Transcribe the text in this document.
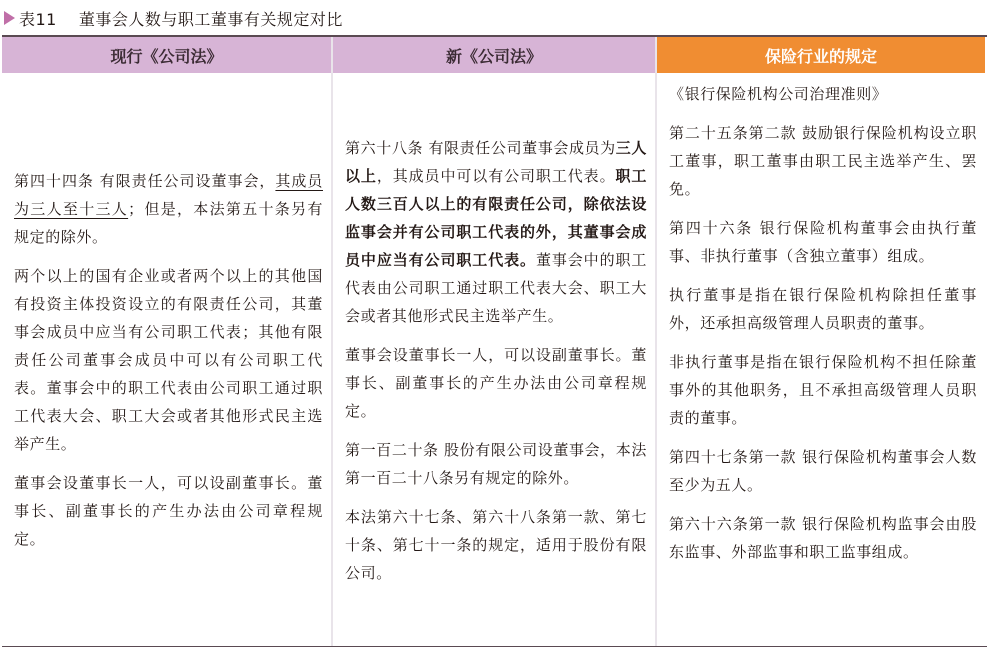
表11 董事会人数与职工董事有关规定对比
现行《公司法》

第四十四条 有限责任公司设董事会，其成员为三人至十三人；但是，本法第五十条另有规定的除外。

两个以上的国有企业或者两个以上的其他国有投资主体投资设立的有限责任公司，其董事会成员中应当有公司职工代表；其他有限责任公司董事会成员中可以有公司职工代表。董事会中的职工代表由公司职工通过职工代表大会、职工大会或者其他形式民主选举产生。

董事会设董事长一人，可以设副董事长。董事长、副董事长的产生办法由公司章程规定。

新《公司法》

第六十八条 有限责任公司董事会成员为三人以上，其成员中可以有公司职工代表。职工人数三百人以上的有限责任公司，除依法设监事会并有公司职工代表的外，其董事会成员中应当有公司职工代表。董事会中的职工代表由公司职工通过职工代表大会、职工大会或者其他形式民主选举产生。

董事会设董事长一人，可以设副董事长。董事长、副董事长的产生办法由公司章程规定。

第一百二十条 股份有限公司设董事会，本法第一百二十八条另有规定的除外。

本法第六十七条、第六十八条第一款、第七十条、第七十一条的规定，适用于股份有限公司。

保险行业的规定

《银行保险机构公司治理准则》

第二十五条第二款 鼓励银行保险机构设立职工董事，职工董事由职工民主选举产生、罢免。

第四十六条 银行保险机构董事会由执行董事、非执行董事（含独立董事）组成。

执行董事是指在银行保险机构除担任董事外，还承担高级管理人员职责的董事。

非执行董事是指在银行保险机构不担任除董事外的其他职务，且不承担高级管理人员职责的董事。

第四十七条第一款 银行保险机构董事会人数至少为五人。

第六十六条第一款 银行保险机构监事会由股东监事、外部监事和职工监事组成。
